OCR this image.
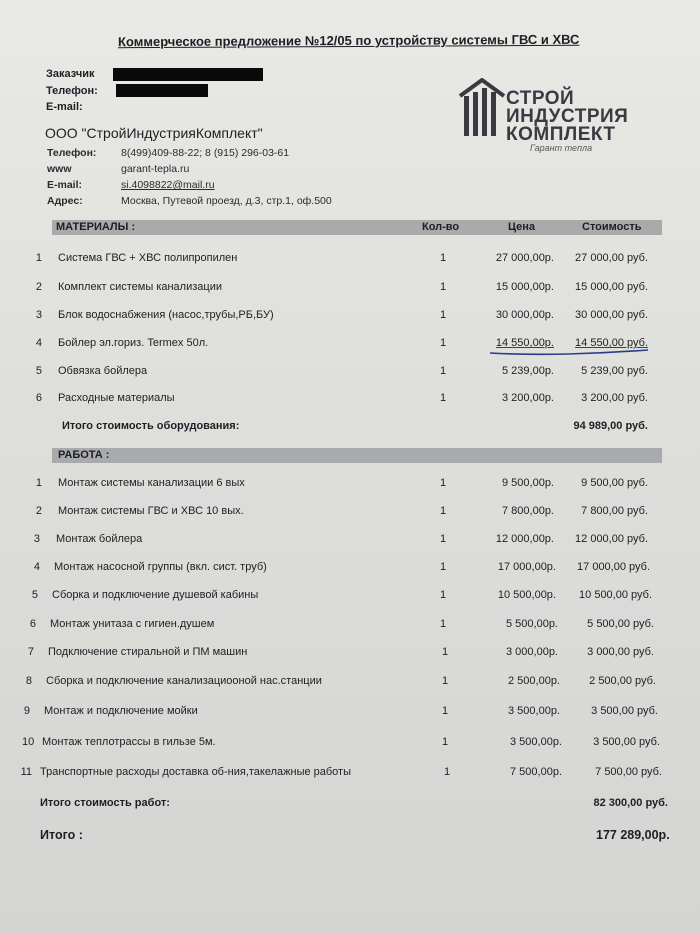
Коммерческое предложение №12/05 по устройству системы ГВС и ХВС
Заказчик
Телефон:
E-mail:
ООО "СтройИндустрияКомплект"
Телефон: 8(499)409-88-22; 8 (915) 296-03-61
www	garant-tepla.ru
E-mail:	si.4098822@mail.ru
Адрес:	Москва, Путевой проезд, д.3, стр.1, оф.500
СТРОЙ
ИНДУСТРИЯ
КОМПЛЕКТ
Гарант тепла
МАТЕРИАЛЫ :	Кол-во	Цена	Стоимость
1 Система ГВС + ХВС полипропилен	1	27 000,00р.	27 000,00 руб.
2 Комплект системы канализации	1	15 000,00р.	15 000,00 руб.
3 Блок водоснабжения (насос,трубы,РБ,БУ)	1	30 000,00р.	30 000,00 руб.
4 Бойлер эл.гориз. Termex 50л.	1	14 550,00р.	14 550,00 руб.
5 Обвязка бойлера	1	5 239,00р.	5 239,00 руб.
6 Расходные материалы	1	3 200,00р.	3 200,00 руб.
Итого стоимость оборудования:	94 989,00 руб.
РАБОТА :
1 Монтаж системы канализации 6 вых	1	9 500,00р.	9 500,00 руб.
2 Монтаж системы ГВС и ХВС 10 вых.	1	7 800,00р.	7 800,00 руб.
3 Монтаж бойлера	1	12 000,00р.	12 000,00 руб.
4 Монтаж насосной группы (вкл. сист. труб)	1	17 000,00р.	17 000,00 руб.
5 Сборка и подключение душевой кабины	1	10 500,00р.	10 500,00 руб.
6 Монтаж унитаза с гигиен.душем	1	5 500,00р.	5 500,00 руб.
7 Подключение стиральной и ПМ машин	1	3 000,00р.	3 000,00 руб.
8 Сборка и подключение канализациооной нас.станции	1	2 500,00р.	2 500,00 руб.
9 Монтаж и подключение мойки	1	3 500,00р.	3 500,00 руб.
10 Монтаж теплотрассы в гильзе 5м.	1	3 500,00р.	3 500,00 руб.
11 Транспортные расходы доставка об-ния,такелажные работы	1	7 500,00р.	7 500,00 руб.
Итого стоимость работ:	82 300,00 руб.
Итого :	177 289,00р.
